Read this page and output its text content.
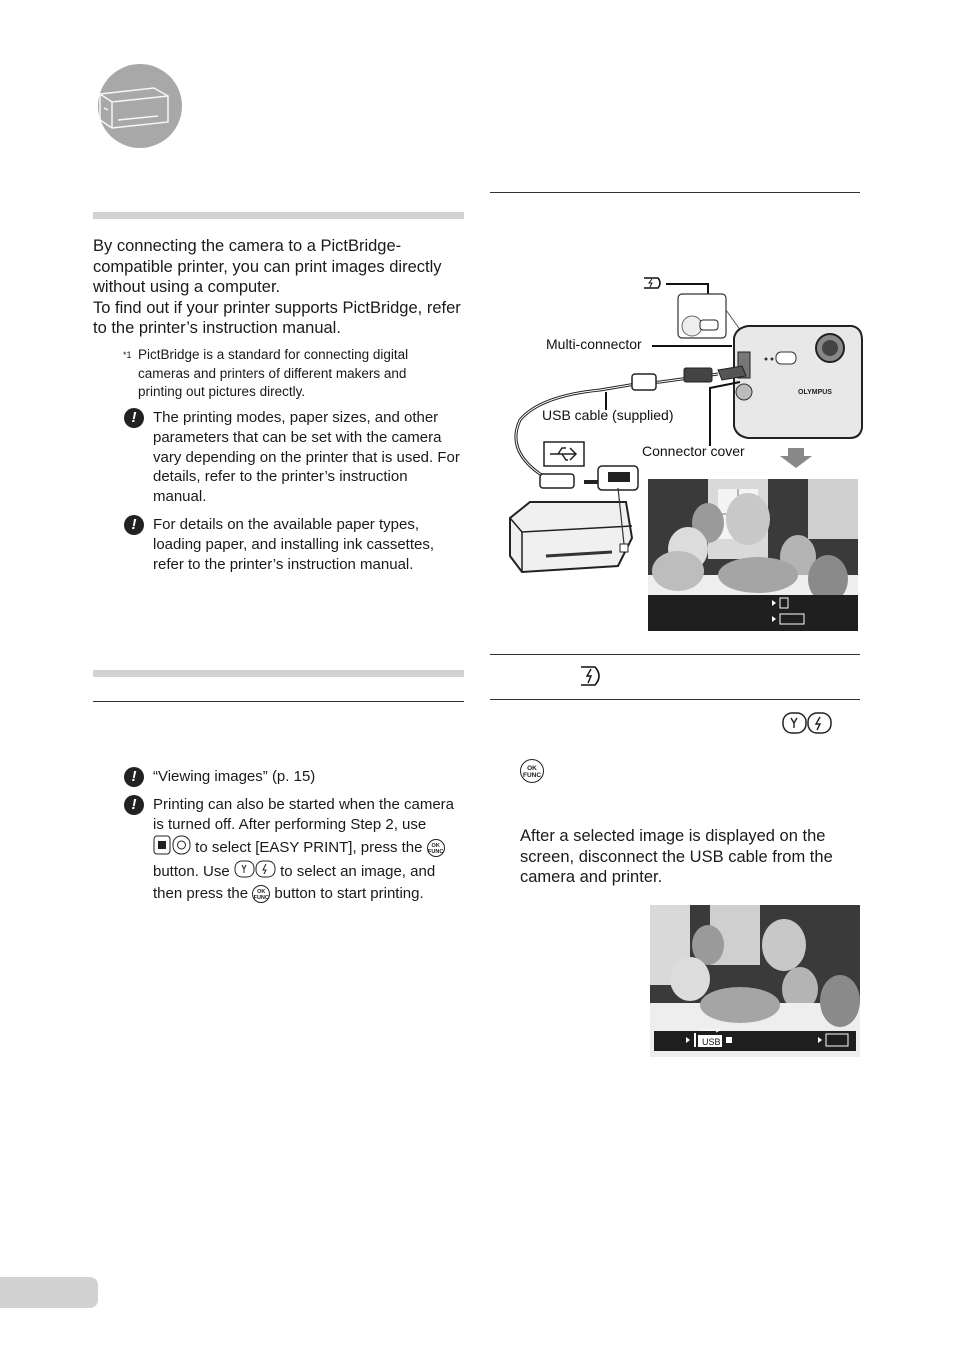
By connecting the camera to a PictBridge-compatible printer, you can print images directly without using a computer.

To find out if your printer supports PictBridge, refer to the printer’s instruction manual.

*1 PictBridge is a standard for connecting digital cameras and printers of different makers and printing out pictures directly.
!	The printing modes, paper sizes, and other parameters that can be set with the camera vary depending on the printer that is used. For details, refer to the printer’s instruction manual.
!	For details on the available paper types, loading paper, and installing ink cassettes, refer to the printer’s instruction manual.
!	“Viewing images” (p. 15)
!	Printing can also be started when the camera is turned off. After performing Step 2, use  to select [EASY PRINT], press the OK FUNC button. Use	to select an image, and then press the OK FUNC button to start printing.
Multi-connector
USB cable (supplied)
Connector cover
OLYMPUS
OK FUNC
After a selected image is displayed on the screen, disconnect the USB cable from the camera and printer.
USB
